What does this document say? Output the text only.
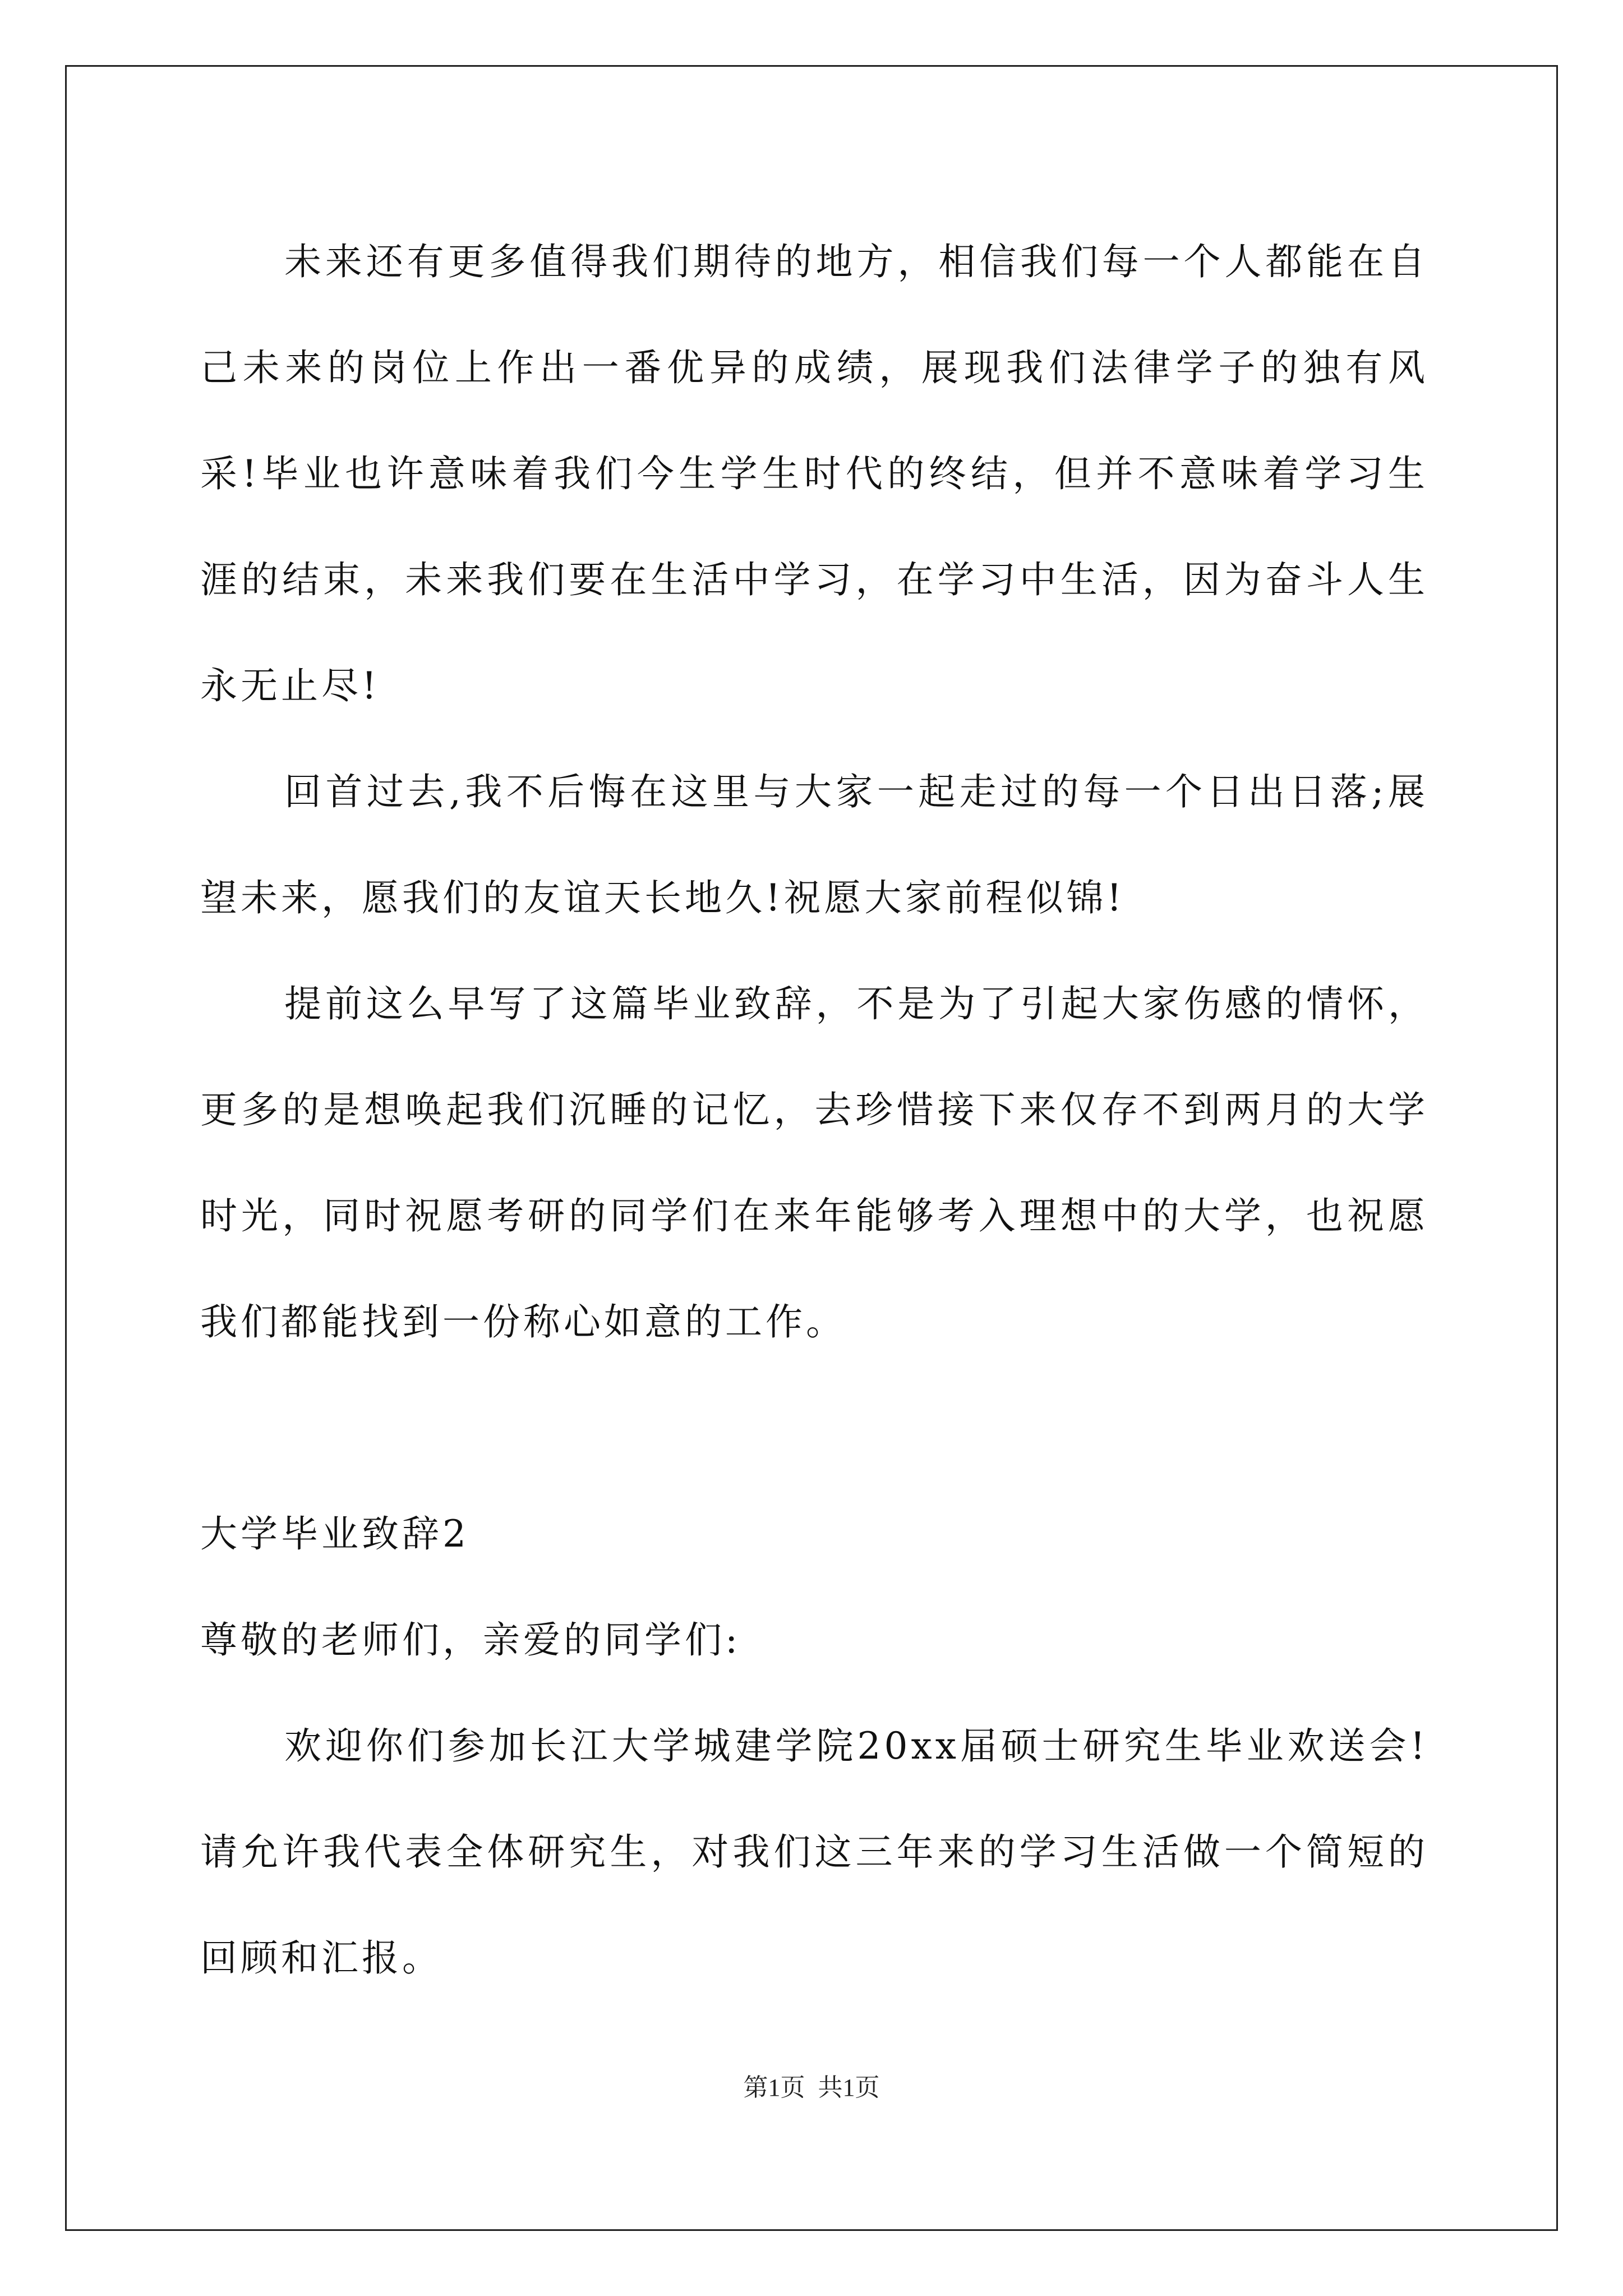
未来还有更多值得我们期待的地方，相信我们每一个人都能在自己未来的岗位上作出一番优异的成绩，展现我们法律学子的独有风采!毕业也许意味着我们今生学生时代的终结，但并不意味着学习生涯的结束，未来我们要在生活中学习，在学习中生活，因为奋斗人生永无止尽!

回首过去,我不后悔在这里与大家一起走过的每一个日出日落;展望未来，愿我们的友谊天长地久!祝愿大家前程似锦!

提前这么早写了这篇毕业致辞，不是为了引起大家伤感的情怀，更多的是想唤起我们沉睡的记忆，去珍惜接下来仅存不到两月的大学时光，同时祝愿考研的同学们在来年能够考入理想中的大学，也祝愿我们都能找到一份称心如意的工作。

大学毕业致辞2

尊敬的老师们，亲爱的同学们:

欢迎你们参加长江大学城建学院20xx届硕士研究生毕业欢送会!请允许我代表全体研究生，对我们这三年来的学习生活做一个简短的回顾和汇报。

第1页 共1页
